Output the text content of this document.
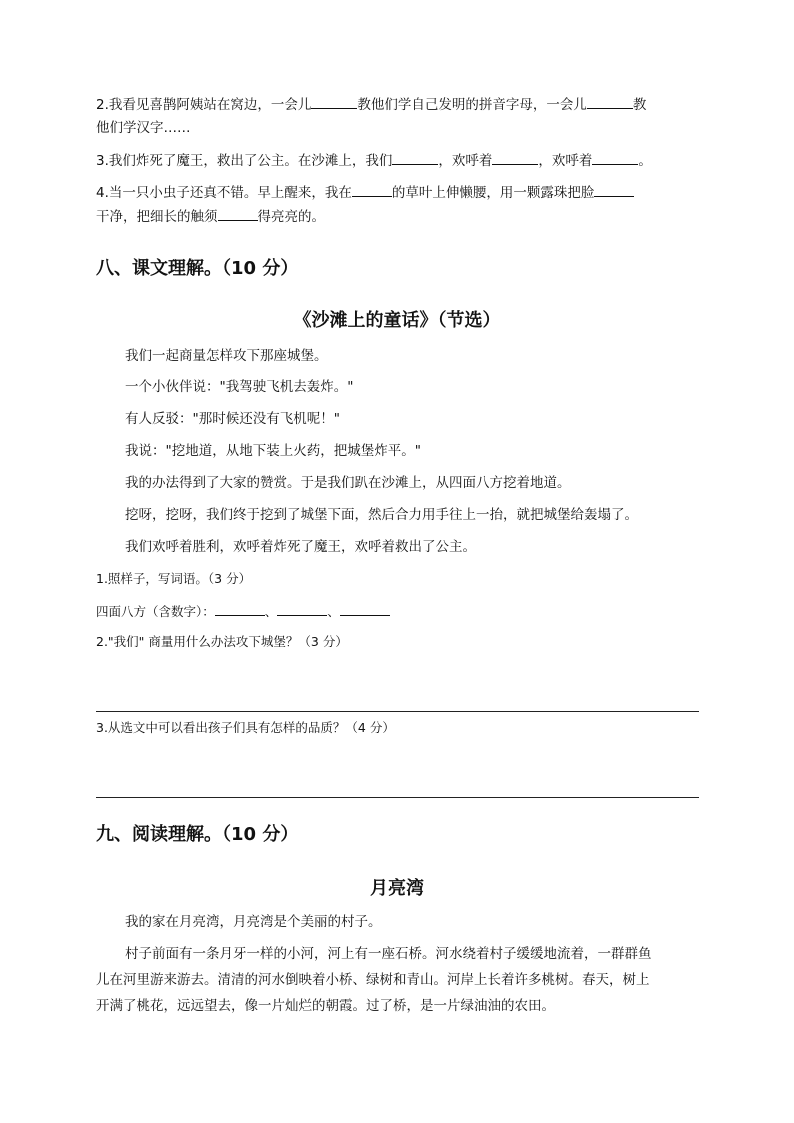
2.我看见喜鹊阿姨站在窝边，一会儿	教他们学自己发明的拼音字母，一会儿	教

他们学汉字……

3.我们炸死了魔王，救出了公主。在沙滩上，我们	，欢呼着	，欢呼着	。

4.当一只小虫子还真不错。早上醒来，我在	的草叶上伸懒腰，用一颗露珠把脸

干净，把细长的触须	得亮亮的。

八、课文理解。（10 分）

《沙滩上的童话》（节选）

我们一起商量怎样攻下那座城堡。

一个小伙伴说："我驾驶飞机去轰炸。"

有人反驳："那时候还没有飞机呢！"

我说："挖地道，从地下装上火药，把城堡炸平。"

我的办法得到了大家的赞赏。于是我们趴在沙滩上，从四面八方挖着地道。

挖呀，挖呀，我们终于挖到了城堡下面，然后合力用手往上一抬，就把城堡给轰塌了。

我们欢呼着胜利，欢呼着炸死了魔王，欢呼着救出了公主。

1.照样子，写词语。（3 分）

四面八方（含数字）：	、	、

2."我们" 商量用什么办法攻下城堡？（3 分）

3.从选文中可以看出孩子们具有怎样的品质？（4 分）

九、阅读理解。（10 分）

月亮湾

我的家在月亮湾，月亮湾是个美丽的村子。

村子前面有一条月牙一样的小河，河上有一座石桥。河水绕着村子缓缓地流着，一群群鱼

儿在河里游来游去。清清的河水倒映着小桥、绿树和青山。河岸上长着许多桃树。春天，树上

开满了桃花，远远望去，像一片灿烂的朝霞。过了桥，是一片绿油油的农田。
